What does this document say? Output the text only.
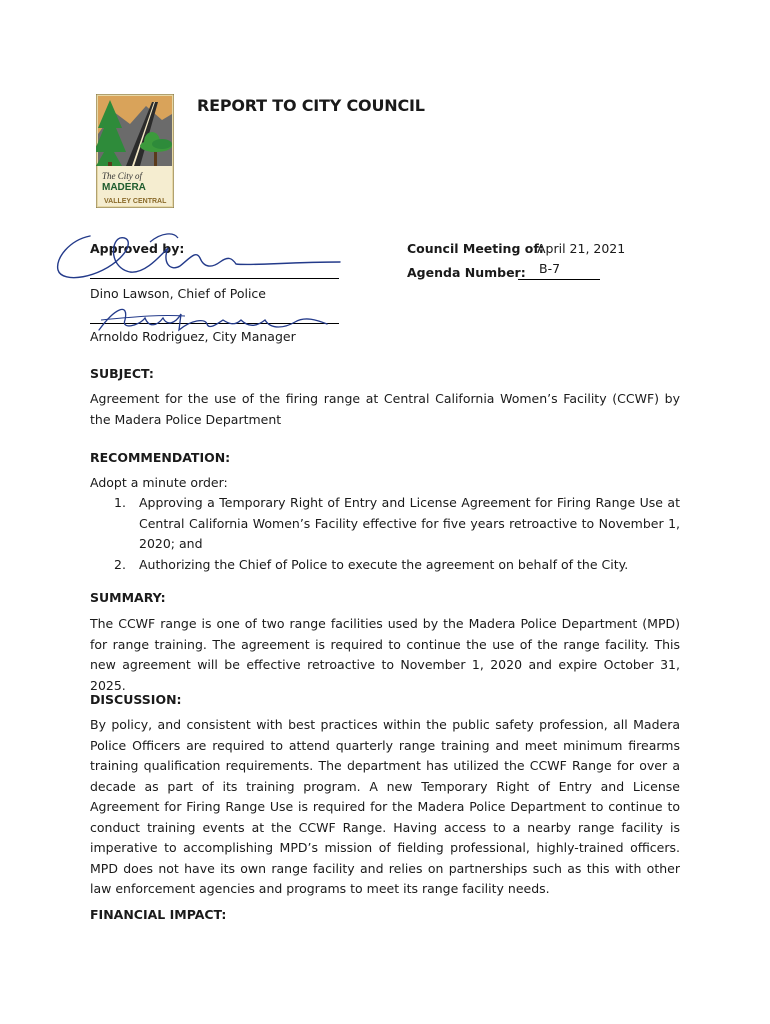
The City of
MADERA
VALLEY CENTRAL
REPORT TO CITY COUNCIL
Approved by:
Dino Lawson, Chief of Police
Arnoldo Rodriguez, City Manager
Council Meeting of:
April 21, 2021
Agenda Number: B-7
SUBJECT:
Agreement for the use of the firing range at Central California Women’s Facility (CCWF) by the Madera Police Department
RECOMMENDATION:
Adopt a minute order:
1. Approving a Temporary Right of Entry and License Agreement for Firing Range Use at Central California Women’s Facility effective for five years retroactive to November 1, 2020; and
2. Authorizing the Chief of Police to execute the agreement on behalf of the City.
SUMMARY:
The CCWF range is one of two range facilities used by the Madera Police Department (MPD) for range training. The agreement is required to continue the use of the range facility. This new agreement will be effective retroactive to November 1, 2020 and expire October 31, 2025.
DISCUSSION:
By policy, and consistent with best practices within the public safety profession, all Madera Police Officers are required to attend quarterly range training and meet minimum firearms training qualification requirements. The department has utilized the CCWF Range for over a decade as part of its training program. A new Temporary Right of Entry and License Agreement for Firing Range Use is required for the Madera Police Department to continue to conduct training events at the CCWF Range. Having access to a nearby range facility is imperative to accomplishing MPD’s mission of fielding professional, highly-trained officers. MPD does not have its own range facility and relies on partnerships such as this with other law enforcement agencies and programs to meet its range facility needs.
FINANCIAL IMPACT:
